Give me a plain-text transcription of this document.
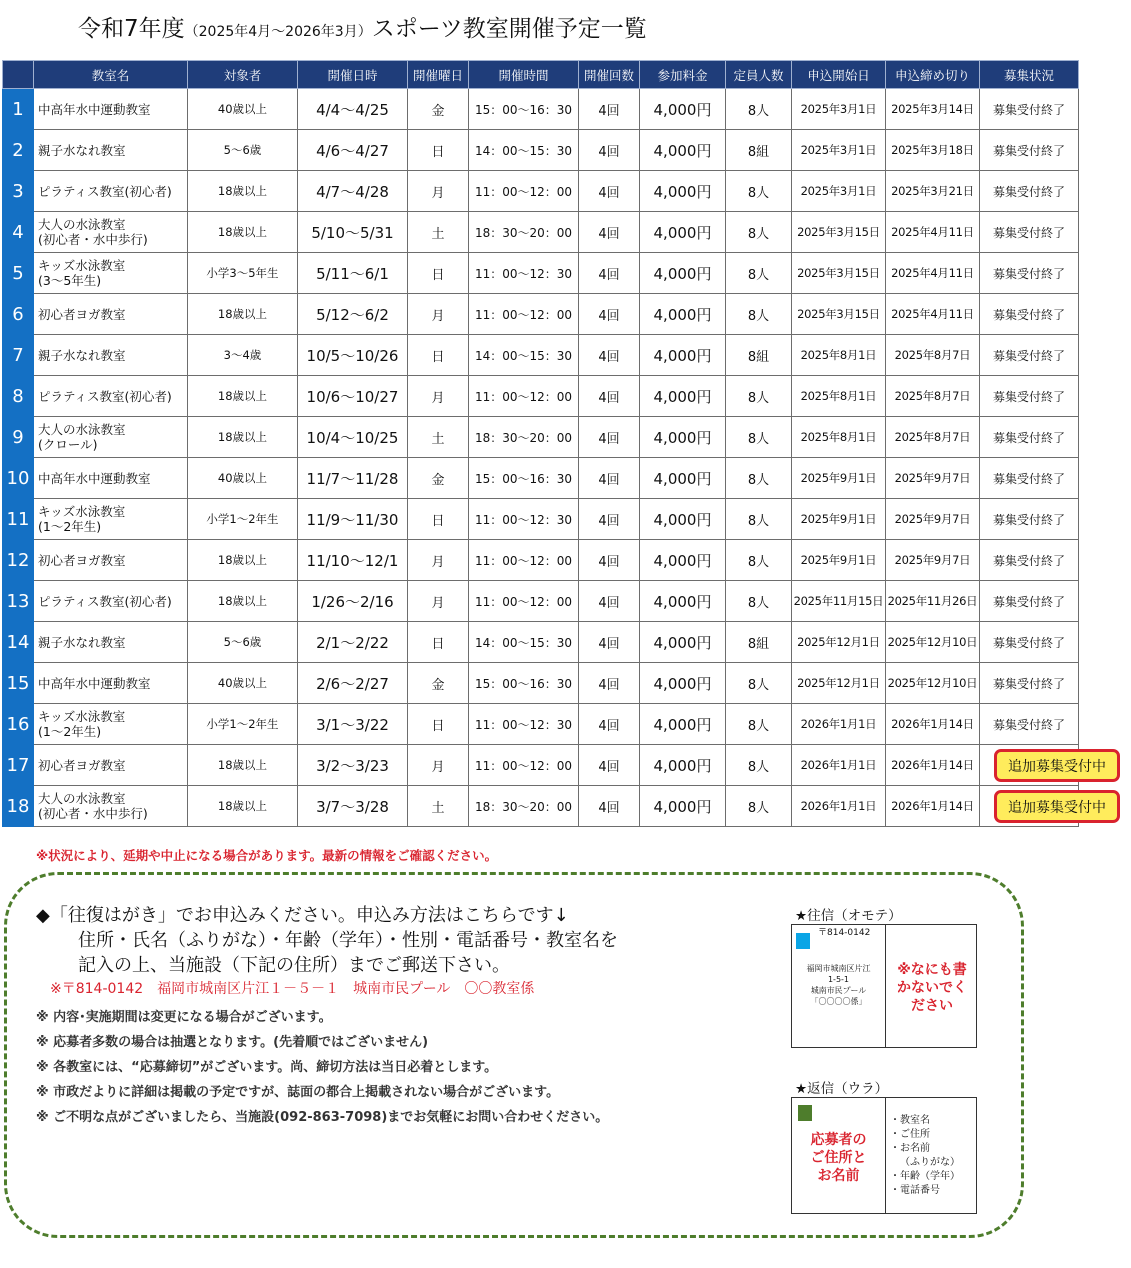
令和7年度（2025年4月～2026年3月）スポーツ教室開催予定一覧
	教室名	対象者	開催日時	開催曜日	開催時間	開催回数	参加料金	定員人数	申込開始日	申込締め切り	募集状況
1	中高年水中運動教室	40歳以上	4/4～4/25	金	15：00～16：30	4回	4,000円	8人	2025年3月1日	2025年3月14日	募集受付終了
2	親子水なれ教室	5～6歳	4/6～4/27	日	14：00～15：30	4回	4,000円	8組	2025年3月1日	2025年3月18日	募集受付終了
3	ピラティス教室(初心者)	18歳以上	4/7～4/28	月	11：00～12：00	4回	4,000円	8人	2025年3月1日	2025年3月21日	募集受付終了
4	大人の水泳教室
(初心者・水中歩行)	18歳以上	5/10～5/31	土	18：30～20：00	4回	4,000円	8人	2025年3月15日	2025年4月11日	募集受付終了
5	キッズ水泳教室
(3～5年生)	小学3～5年生	5/11～6/1	日	11：00～12：30	4回	4,000円	8人	2025年3月15日	2025年4月11日	募集受付終了
6	初心者ヨガ教室	18歳以上	5/12～6/2	月	11：00～12：00	4回	4,000円	8人	2025年3月15日	2025年4月11日	募集受付終了
7	親子水なれ教室	3～4歳	10/5～10/26	日	14：00～15：30	4回	4,000円	8組	2025年8月1日	2025年8月7日	募集受付終了
8	ピラティス教室(初心者)	18歳以上	10/6～10/27	月	11：00～12：00	4回	4,000円	8人	2025年8月1日	2025年8月7日	募集受付終了
9	大人の水泳教室
(クロール)	18歳以上	10/4～10/25	土	18：30～20：00	4回	4,000円	8人	2025年8月1日	2025年8月7日	募集受付終了
10	中高年水中運動教室	40歳以上	11/7～11/28	金	15：00～16：30	4回	4,000円	8人	2025年9月1日	2025年9月7日	募集受付終了
11	キッズ水泳教室
(1～2年生)	小学1～2年生	11/9～11/30	日	11：00～12：30	4回	4,000円	8人	2025年9月1日	2025年9月7日	募集受付終了
12	初心者ヨガ教室	18歳以上	11/10～12/1	月	11：00～12：00	4回	4,000円	8人	2025年9月1日	2025年9月7日	募集受付終了
13	ピラティス教室(初心者)	18歳以上	1/26～2/16	月	11：00～12：00	4回	4,000円	8人	2025年11月15日	2025年11月26日	募集受付終了
14	親子水なれ教室	5～6歳	2/1～2/22	日	14：00～15：30	4回	4,000円	8組	2025年12月1日	2025年12月10日	募集受付終了
15	中高年水中運動教室	40歳以上	2/6～2/27	金	15：00～16：30	4回	4,000円	8人	2025年12月1日	2025年12月10日	募集受付終了
16	キッズ水泳教室
(1～2年生)	小学1～2年生	3/1～3/22	日	11：00～12：30	4回	4,000円	8人	2026年1月1日	2026年1月14日	募集受付終了
17	初心者ヨガ教室	18歳以上	3/2～3/23	月	11：00～12：00	4回	4,000円	8人	2026年1月1日	2026年1月14日	追加募集受付中

18	大人の水泳教室
(初心者・水中歩行)	18歳以上	3/7～3/28	土	18：30～20：00	4回	4,000円	8人	2026年1月1日	2026年1月14日	追加募集受付中
※状況により、延期や中止になる場合があります。最新の情報をご確認ください。
◆「往復はがき」でお申込みください。申込み方法はこちらです↓
住所・氏名（ふりがな）・年齢（学年）・性別・電話番号・教室名を
記入の上、当施設（下記の住所）までご郵送下さい。
※〒814-0142　福岡市城南区片江１－５－１　城南市民プール　〇〇教室係
※ 内容･実施期間は変更になる場合がございます。
※ 応募者多数の場合は抽選となります。(先着順ではございません)
※ 各教室には、“応募締切”がございます。尚、締切方法は当日必着とします。
※ 市政だよりに詳細は掲載の予定ですが、誌面の都合上掲載されない場合がございます。
※ ご不明な点がございましたら、当施設(092-863-7098)までお気軽にお問い合わせください。
★往信（オモテ）
〒814-0142
福岡市城南区片江
1-5-1
城南市民プール
「〇〇〇〇係」
※なにも書
かないでく
ださい
★返信（ウラ）
応募者の
ご住所と
お名前
・教室名
・ご住所
・お名前
（ふりがな）
・年齢（学年）
・電話番号
